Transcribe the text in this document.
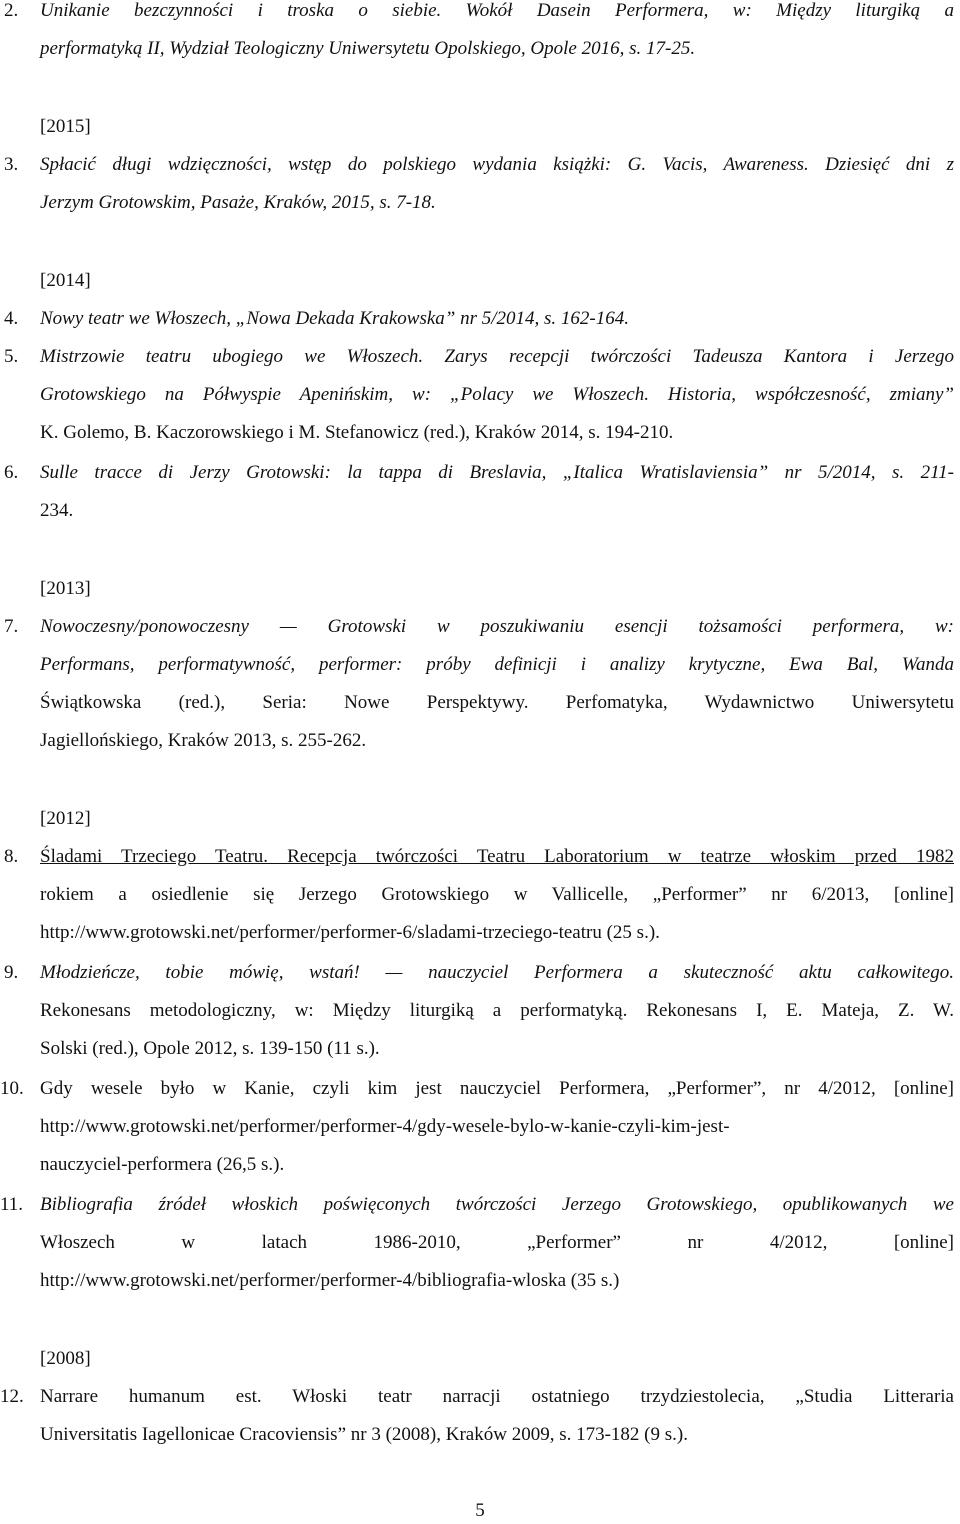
2. Unikanie bezczynności i troska o siebie. Wokół Dasein Performera, w: Między liturgiką a
performatyką II, Wydział Teologiczny Uniwersytetu Opolskiego, Opole 2016, s. 17-25.
[2015]
3. Spłacić długi wdzięczności, wstęp do polskiego wydania książki: G. Vacis, Awareness. Dziesięć dni z
Jerzym Grotowskim, Pasaże, Kraków, 2015, s. 7-18.
[2014]
4. Nowy teatr we Włoszech, „Nowa Dekada Krakowska” nr 5/2014, s. 162-164.
5. Mistrzowie teatru ubogiego we Włoszech. Zarys recepcji twórczości Tadeusza Kantora i Jerzego
Grotowskiego na Półwyspie Apenińskim, w: „Polacy we Włoszech. Historia, współczesność, zmiany”
K. Golemo, B. Kaczorowskiego i M. Stefanowicz (red.), Kraków 2014, s. 194-210.
6. Sulle tracce di Jerzy Grotowski: la tappa di Breslavia, „Italica Wratislaviensia” nr 5/2014, s. 211-
234.
[2013]
7. Nowoczesny/ponowoczesny — Grotowski w poszukiwaniu esencji tożsamości performera, w:
Performans, performatywność, performer: próby definicji i analizy krytyczne, Ewa Bal, Wanda
Świątkowska (red.), Seria: Nowe Perspektywy. Perfomatyka, Wydawnictwo Uniwersytetu
Jagiellońskiego, Kraków 2013, s. 255-262.
[2012]
8. Śladami Trzeciego Teatru. Recepcja twórczości Teatru Laboratorium w teatrze włoskim przed 1982
rokiem a osiedlenie się Jerzego Grotowskiego w Vallicelle, „Performer” nr 6/2013, [online]
http://www.grotowski.net/performer/performer-6/sladami-trzeciego-teatru (25 s.).
9. Młodzieńcze, tobie mówię, wstań! — nauczyciel Performera a skuteczność aktu całkowitego.
Rekonesans metodologiczny, w: Między liturgiką a performatyką. Rekonesans I, E. Mateja, Z. W.
Solski (red.), Opole 2012, s. 139-150 (11 s.).
10. Gdy wesele było w Kanie, czyli kim jest nauczyciel Performera, „Performer”, nr 4/2012, [online]
http://www.grotowski.net/performer/performer-4/gdy-wesele-bylo-w-kanie-czyli-kim-jest-
nauczyciel-performera (26,5 s.).
11. Bibliografia źródeł włoskich poświęconych twórczości Jerzego Grotowskiego, opublikowanych we
Włoszech w latach 1986-2010, „Performer” nr 4/2012, [online]
http://www.grotowski.net/performer/performer-4/bibliografia-wloska (35 s.)
[2008]
12. Narrare humanum est. Włoski teatr narracji ostatniego trzydziestolecia, „Studia Litteraria
Universitatis Iagellonicae Cracoviensis” nr 3 (2008), Kraków 2009, s. 173-182 (9 s.).
5
